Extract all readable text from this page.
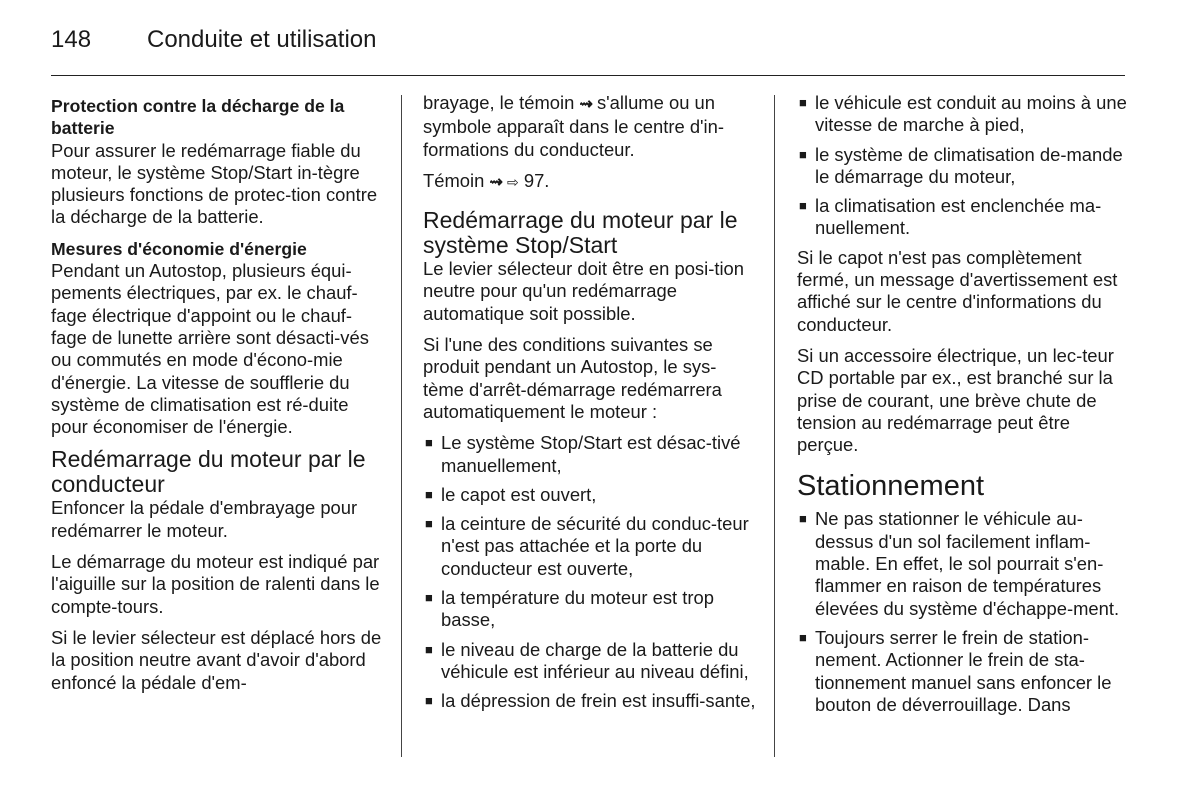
148 Conduite et utilisation
Protection contre la décharge de la batterie

Pour assurer le redémarrage fiable du moteur, le système Stop/Start in-tègre plusieurs fonctions de protec-tion contre la décharge de la batterie.

Mesures d'économie d'énergie

Pendant un Autostop, plusieurs équi-pements électriques, par ex. le chauf-fage électrique d'appoint ou le chauf-fage de lunette arrière sont désacti-vés ou commutés en mode d'écono-mie d'énergie. La vitesse de soufflerie du système de climatisation est ré-duite pour économiser de l'énergie.

Redémarrage du moteur par le conducteur

Enfoncer la pédale d'embrayage pour redémarrer le moteur.

Le démarrage du moteur est indiqué par l'aiguille sur la position de ralenti dans le compte-tours.

Si le levier sélecteur est déplacé hors de la position neutre avant d'avoir d'abord enfoncé la pédale d'em-

brayage, le témoin ⇝ s'allume ou un symbole apparaît dans le centre d'in-formations du conducteur.

Témoin ⇝ ⇨ 97.

Redémarrage du moteur par le système Stop/Start

Le levier sélecteur doit être en posi-tion neutre pour qu'un redémarrage automatique soit possible.

Si l'une des conditions suivantes se produit pendant un Autostop, le sys-tème d'arrêt-démarrage redémarrera automatiquement le moteur :

■ Le système Stop/Start est désac-tivé manuellement,
■ le capot est ouvert,
■ la ceinture de sécurité du conduc-teur n'est pas attachée et la porte du conducteur est ouverte,
■ la température du moteur est trop basse,
■ le niveau de charge de la batterie du véhicule est inférieur au niveau défini,
■ la dépression de frein est insuffi-sante,
■ le véhicule est conduit au moins à une vitesse de marche à pied,
■ le système de climatisation de-mande le démarrage du moteur,
■ la climatisation est enclenchée ma-nuellement.

Si le capot n'est pas complètement fermé, un message d'avertissement est affiché sur le centre d'informations du conducteur.

Si un accessoire électrique, un lec-teur CD portable par ex., est branché sur la prise de courant, une brève chute de tension au redémarrage peut être perçue.

Stationnement
■ Ne pas stationner le véhicule au-dessus d'un sol facilement inflam-mable. En effet, le sol pourrait s'en-flammer en raison de températures élevées du système d'échappe-ment.
■ Toujours serrer le frein de station-nement. Actionner le frein de sta-tionnement manuel sans enfoncer le bouton de déverrouillage. Dans
